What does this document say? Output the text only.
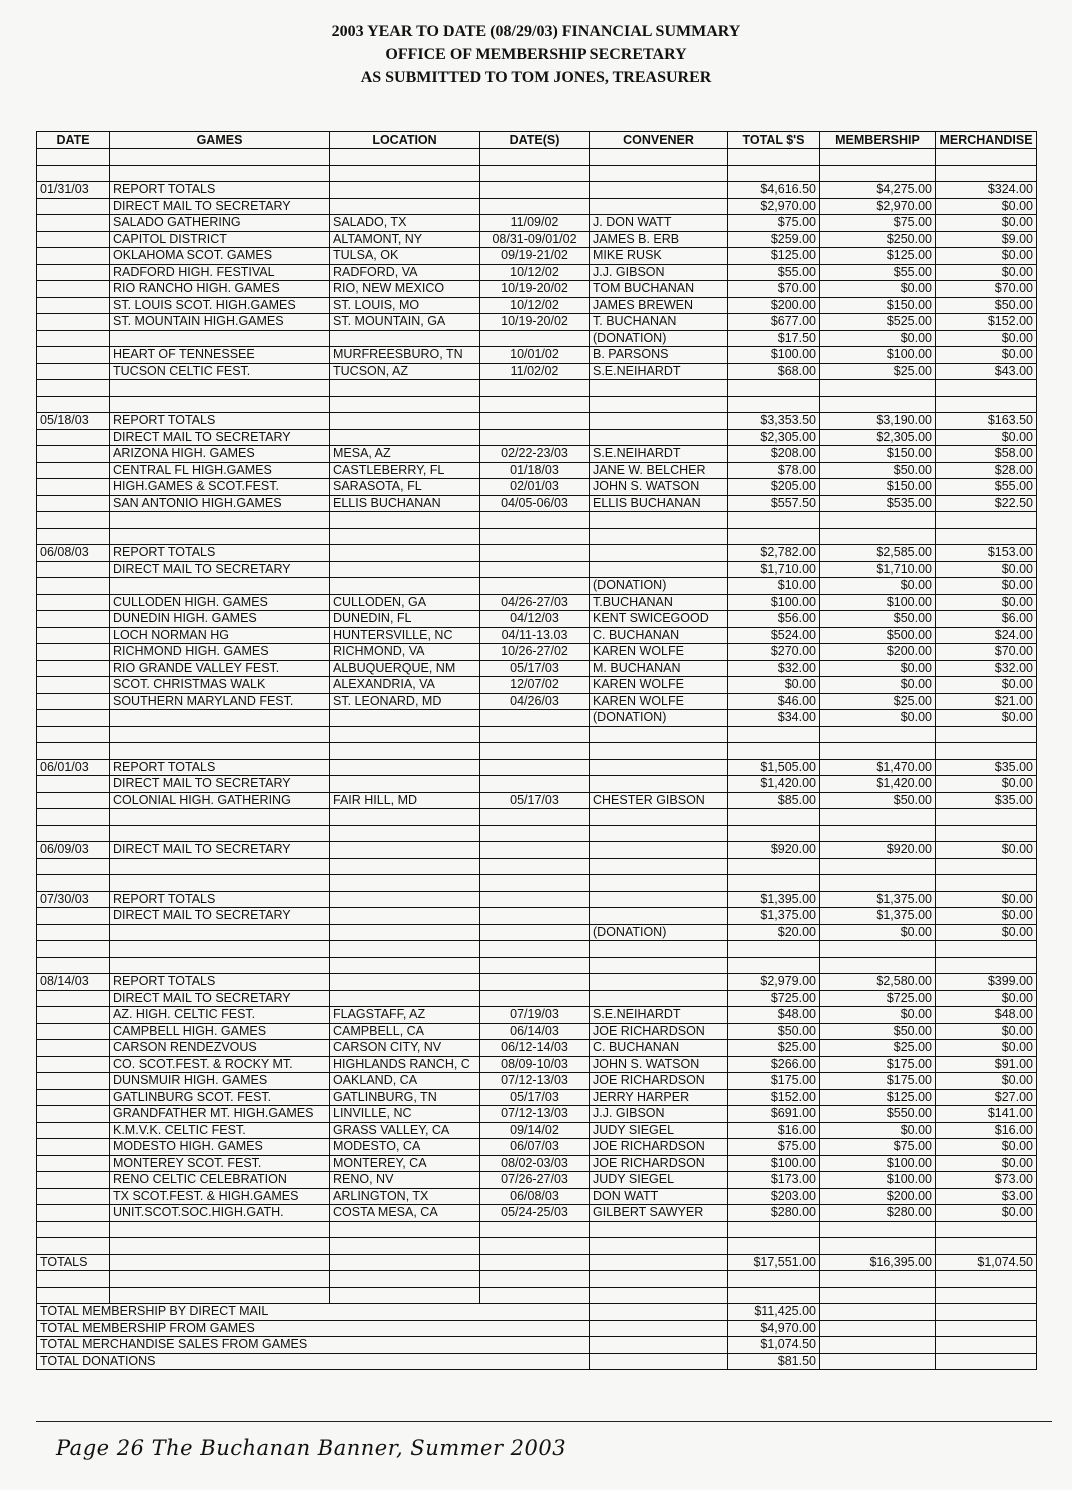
2003 YEAR TO DATE (08/29/03) FINANCIAL SUMMARY
OFFICE OF MEMBERSHIP SECRETARY
AS SUBMITTED TO TOM JONES, TREASURER
DATE	GAMES	LOCATION	DATE(S)	CONVENER	TOTAL $'S	MEMBERSHIP	MERCHANDISE

01/31/03	REPORT TOTALS				$4,616.50	$4,275.00	$324.00
	DIRECT MAIL TO SECRETARY				$2,970.00	$2,970.00	$0.00
	SALADO GATHERING	SALADO, TX	11/09/02	J. DON WATT	$75.00	$75.00	$0.00
	CAPITOL DISTRICT	ALTAMONT, NY	08/31-09/01/02	JAMES B. ERB	$259.00	$250.00	$9.00
	OKLAHOMA SCOT. GAMES	TULSA, OK	09/19-21/02	MIKE RUSK	$125.00	$125.00	$0.00
	RADFORD HIGH. FESTIVAL	RADFORD, VA	10/12/02	J.J. GIBSON	$55.00	$55.00	$0.00
	RIO RANCHO HIGH. GAMES	RIO, NEW MEXICO	10/19-20/02	TOM BUCHANAN	$70.00	$0.00	$70.00
	ST. LOUIS SCOT. HIGH.GAMES	ST. LOUIS, MO	10/12/02	JAMES BREWEN	$200.00	$150.00	$50.00
	ST. MOUNTAIN HIGH.GAMES	ST. MOUNTAIN, GA	10/19-20/02	T. BUCHANAN	$677.00	$525.00	$152.00
				(DONATION)	$17.50	$0.00	$0.00
	HEART OF TENNESSEE	MURFREESBURO, TN	10/01/02	B. PARSONS	$100.00	$100.00	$0.00
	TUCSON CELTIC FEST.	TUCSON, AZ	11/02/02	S.E.NEIHARDT	$68.00	$25.00	$43.00

05/18/03	REPORT TOTALS				$3,353.50	$3,190.00	$163.50
	DIRECT MAIL TO SECRETARY				$2,305.00	$2,305.00	$0.00
	ARIZONA HIGH. GAMES	MESA, AZ	02/22-23/03	S.E.NEIHARDT	$208.00	$150.00	$58.00
	CENTRAL FL HIGH.GAMES	CASTLEBERRY, FL	01/18/03	JANE W. BELCHER	$78.00	$50.00	$28.00
	HIGH.GAMES & SCOT.FEST.	SARASOTA, FL	02/01/03	JOHN S. WATSON	$205.00	$150.00	$55.00
	SAN ANTONIO HIGH.GAMES	ELLIS BUCHANAN	04/05-06/03	ELLIS BUCHANAN	$557.50	$535.00	$22.50

06/08/03	REPORT TOTALS				$2,782.00	$2,585.00	$153.00
	DIRECT MAIL TO SECRETARY				$1,710.00	$1,710.00	$0.00
				(DONATION)	$10.00	$0.00	$0.00
	CULLODEN HIGH. GAMES	CULLODEN, GA	04/26-27/03	T.BUCHANAN	$100.00	$100.00	$0.00
	DUNEDIN HIGH. GAMES	DUNEDIN, FL	04/12/03	KENT SWICEGOOD	$56.00	$50.00	$6.00
	LOCH NORMAN HG	HUNTERSVILLE, NC	04/11-13.03	C. BUCHANAN	$524.00	$500.00	$24.00
	RICHMOND HIGH. GAMES	RICHMOND, VA	10/26-27/02	KAREN WOLFE	$270.00	$200.00	$70.00
	RIO GRANDE VALLEY FEST.	ALBUQUERQUE, NM	05/17/03	M. BUCHANAN	$32.00	$0.00	$32.00
	SCOT. CHRISTMAS WALK	ALEXANDRIA, VA	12/07/02	KAREN WOLFE	$0.00	$0.00	$0.00
	SOUTHERN MARYLAND FEST.	ST. LEONARD, MD	04/26/03	KAREN WOLFE	$46.00	$25.00	$21.00
				(DONATION)	$34.00	$0.00	$0.00

06/01/03	REPORT TOTALS				$1,505.00	$1,470.00	$35.00
	DIRECT MAIL TO SECRETARY				$1,420.00	$1,420.00	$0.00
	COLONIAL HIGH. GATHERING	FAIR HILL, MD	05/17/03	CHESTER GIBSON	$85.00	$50.00	$35.00

06/09/03	DIRECT MAIL TO SECRETARY				$920.00	$920.00	$0.00

07/30/03	REPORT TOTALS				$1,395.00	$1,375.00	$0.00
	DIRECT MAIL TO SECRETARY				$1,375.00	$1,375.00	$0.00
				(DONATION)	$20.00	$0.00	$0.00

08/14/03	REPORT TOTALS				$2,979.00	$2,580.00	$399.00
	DIRECT MAIL TO SECRETARY				$725.00	$725.00	$0.00
	AZ. HIGH. CELTIC FEST.	FLAGSTAFF, AZ	07/19/03	S.E.NEIHARDT	$48.00	$0.00	$48.00
	CAMPBELL HIGH. GAMES	CAMPBELL, CA	06/14/03	JOE RICHARDSON	$50.00	$50.00	$0.00
	CARSON RENDEZVOUS	CARSON CITY, NV	06/12-14/03	C. BUCHANAN	$25.00	$25.00	$0.00
	CO. SCOT.FEST. & ROCKY MT.	HIGHLANDS RANCH, C	08/09-10/03	JOHN S. WATSON	$266.00	$175.00	$91.00
	DUNSMUIR HIGH. GAMES	OAKLAND, CA	07/12-13/03	JOE RICHARDSON	$175.00	$175.00	$0.00
	GATLINBURG SCOT. FEST.	GATLINBURG, TN	05/17/03	JERRY HARPER	$152.00	$125.00	$27.00
	GRANDFATHER MT. HIGH.GAMES	LINVILLE, NC	07/12-13/03	J.J. GIBSON	$691.00	$550.00	$141.00
	K.M.V.K. CELTIC FEST.	GRASS VALLEY, CA	09/14/02	JUDY SIEGEL	$16.00	$0.00	$16.00
	MODESTO HIGH. GAMES	MODESTO, CA	06/07/03	JOE RICHARDSON	$75.00	$75.00	$0.00
	MONTEREY SCOT. FEST.	MONTEREY, CA	08/02-03/03	JOE RICHARDSON	$100.00	$100.00	$0.00
	RENO CELTIC CELEBRATION	RENO, NV	07/26-27/03	JUDY SIEGEL	$173.00	$100.00	$73.00
	TX SCOT.FEST. & HIGH.GAMES	ARLINGTON, TX	06/08/03	DON WATT	$203.00	$200.00	$3.00
	UNIT.SCOT.SOC.HIGH.GATH.	COSTA MESA, CA	05/24-25/03	GILBERT SAWYER	$280.00	$280.00	$0.00

TOTALS					$17,551.00	$16,395.00	$1,074.50

TOTAL MEMBERSHIP BY DIRECT MAIL					$11,425.00		
TOTAL MEMBERSHIP FROM GAMES					$4,970.00		
TOTAL MERCHANDISE SALES FROM GAMES					$1,074.50		
TOTAL DONATIONS					$81.50		
Page 26 The Buchanan Banner, Summer 2003
